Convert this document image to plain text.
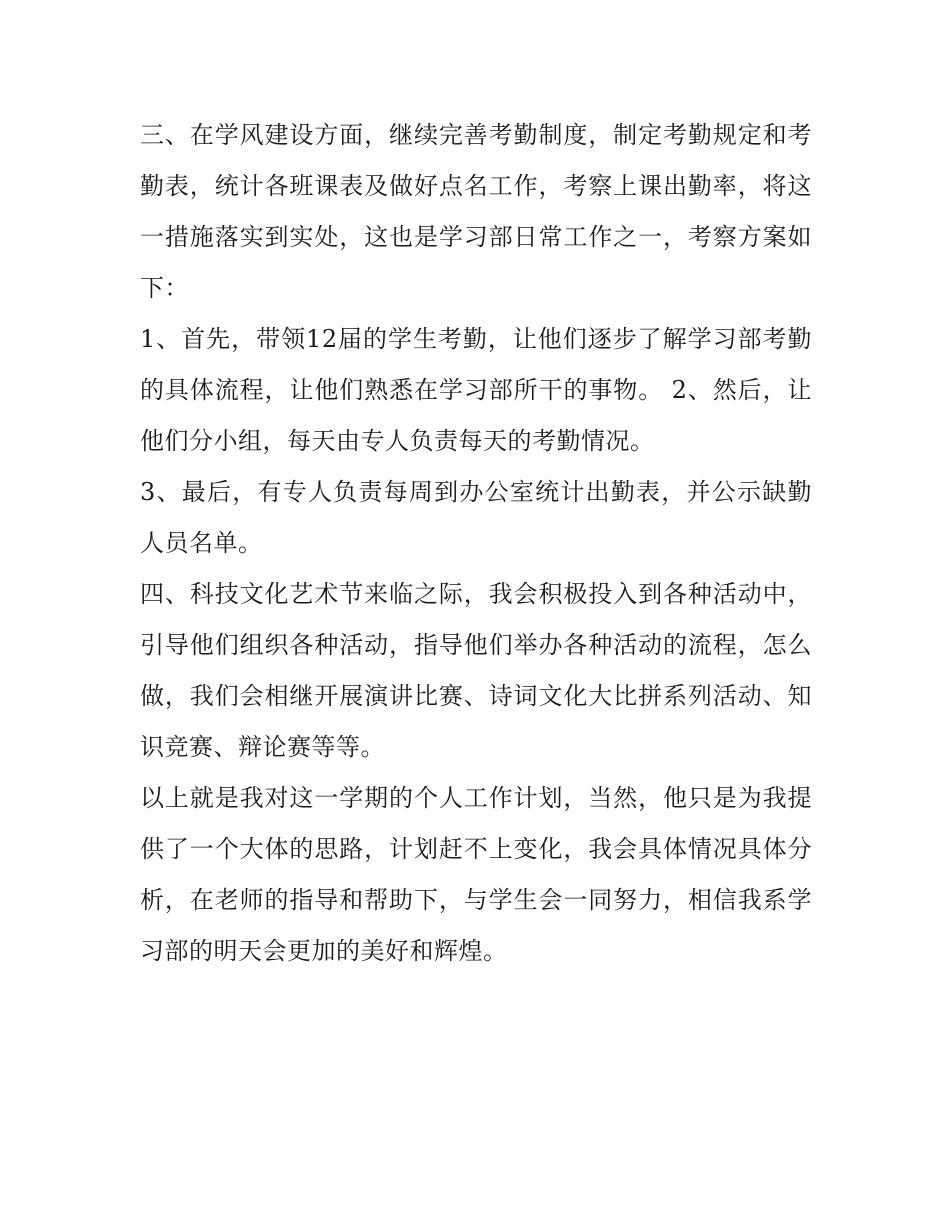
三、在学风建设方面，继续完善考勤制度，制定考勤规定和考勤表，统计各班课表及做好点名工作，考察上课出勤率，将这一措施落实到实处，这也是学习部日常工作之一，考察方案如下：

1、首先，带领12届的学生考勤，让他们逐步了解学习部考勤的具体流程，让他们熟悉在学习部所干的事物。 2、然后，让他们分小组，每天由专人负责每天的考勤情况。

3、最后，有专人负责每周到办公室统计出勤表，并公示缺勤人员名单。

四、科技文化艺术节来临之际，我会积极投入到各种活动中，引导他们组织各种活动，指导他们举办各种活动的流程，怎么做，我们会相继开展演讲比赛、诗词文化大比拼系列活动、知识竞赛、辩论赛等等。

以上就是我对这一学期的个人工作计划，当然，他只是为我提供了一个大体的思路，计划赶不上变化，我会具体情况具体分析，在老师的指导和帮助下，与学生会一同努力，相信我系学习部的明天会更加的美好和辉煌。
